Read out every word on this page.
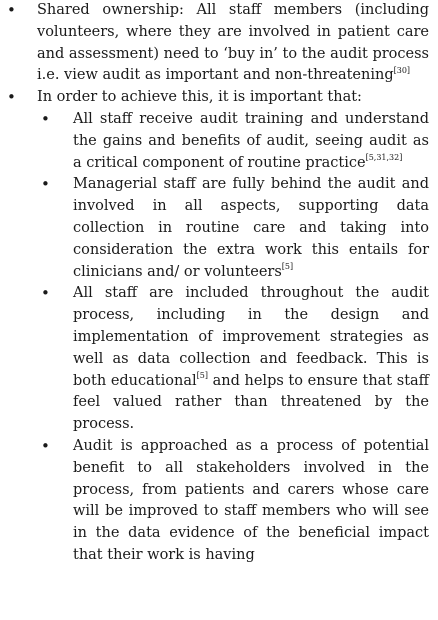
• Shared ownership: All staff members (including volunteers, where they are involved in patient care and assessment) need to ‘buy in’ to the audit process i.e. view audit as important and non-threatening[30]
• In order to achieve this, it is important that:
• All staff receive audit training and understand the gains and benefits of audit, seeing audit as a critical component of routine practice[5,31,32]
• Managerial staff are fully behind the audit and involved in all aspects, supporting data collection in routine care and taking into consideration the extra work this entails for clinicians and/ or volunteers[5]
• All staff are included throughout the audit process, including in the design and implementation of improvement strategies as well as data collection and feedback. This is both educational[5] and helps to ensure that staff feel valued rather than threatened by the process.
• Audit is approached as a process of potential benefit to all stakeholders involved in the process, from patients and carers whose care will be improved to staff members who will see in the data evidence of the beneficial impact that their work is having
